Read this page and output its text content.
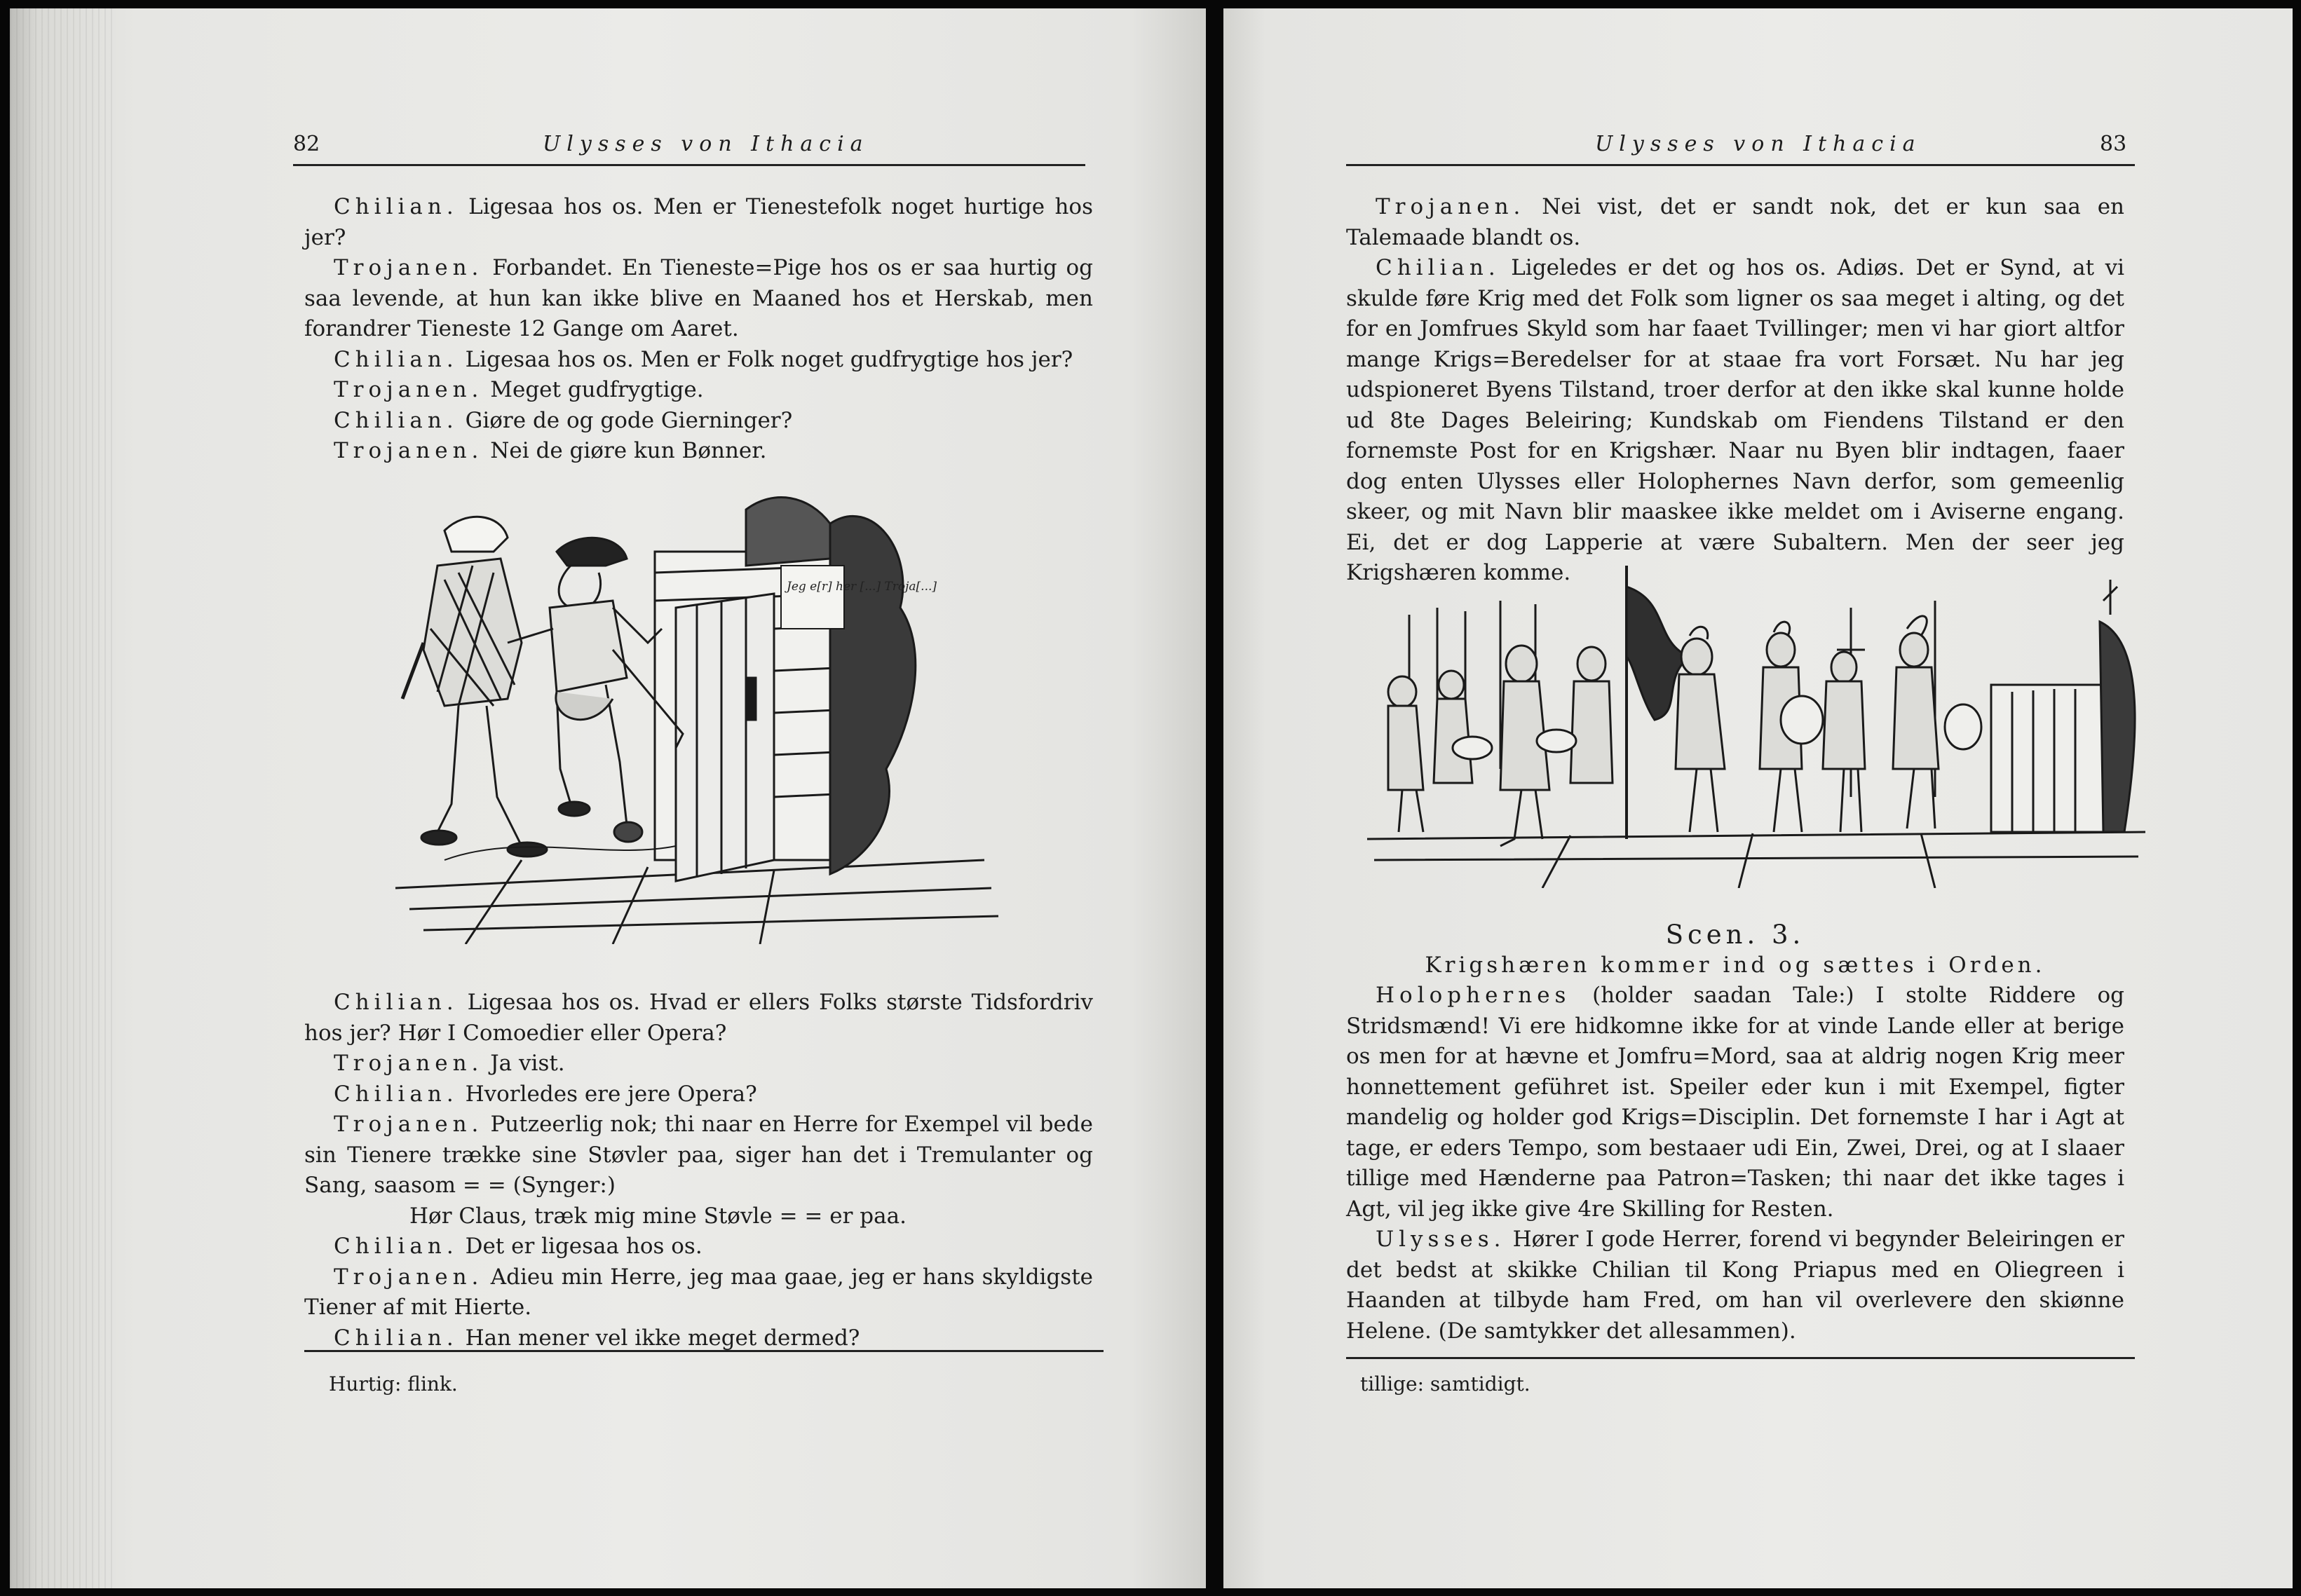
82	Ulysses von Ithacia

Chilian. Ligesaa hos os. Men er Tienestefolk noget hurtige hos jer?

Trojanen. Forbandet. En Tieneste=Pige hos os er saa hurtig og saa levende, at hun kan ikke blive en Maaned hos et Herskab, men forandrer Tieneste 12 Gange om Aaret.

Chilian. Ligesaa hos os. Men er Folk noget gudfrygtige hos jer?

Trojanen. Meget gudfrygtige.

Chilian. Giøre de og gode Gierninger?

Trojanen. Nei de giøre kun Bønner.

Jeg e[r] her [...] Troja[...]

Chilian. Ligesaa hos os. Hvad er ellers Folks største Tidsfordriv hos jer? Hør I Comoedier eller Opera?

Trojanen. Ja vist.

Chilian. Hvorledes ere jere Opera?

Trojanen. Putzeerlig nok; thi naar en Herre for Exempel vil bede sin Tienere trække sine Støvler paa, siger han det i Tremulanter og Sang, saasom = = (Synger:)

Hør Claus, træk mig mine Støvle = = er paa.

Chilian. Det er ligesaa hos os.

Trojanen. Adieu min Herre, jeg maa gaae, jeg er hans skyldigste Tiener af mit Hierte.

Chilian. Han mener vel ikke meget dermed?

Hurtig: flink.
Ulysses von Ithacia	83

Trojanen. Nei vist, det er sandt nok, det er kun saa en Talemaade blandt os.

Chilian. Ligeledes er det og hos os. Adiøs. Det er Synd, at vi skulde føre Krig med det Folk som ligner os saa meget i alting, og det for en Jomfrues Skyld som har faaet Tvillinger; men vi har giort altfor mange Krigs=Beredelser for at staae fra vort Forsæt. Nu har jeg udspioneret Byens Tilstand, troer derfor at den ikke skal kunne holde ud 8te Dages Beleiring; Kundskab om Fiendens Tilstand er den fornemste Post for en Krigshær. Naar nu Byen blir indtagen, faaer dog enten Ulysses eller Holophernes Navn derfor, som gemeenlig skeer, og mit Navn blir maaskee ikke meldet om i Aviserne engang. Ei, det er dog Lapperie at være Subaltern. Men der seer jeg Krigshæren komme.

Scen. 3.
Krigshæren kommer ind og sættes i Orden.

Holophernes (holder saadan Tale:) I stolte Riddere og Stridsmænd! Vi ere hidkomne ikke for at vinde Lande eller at berige os men for at hævne et Jomfru=Mord, saa at aldrig nogen Krig meer honnettement geführet ist. Speiler eder kun i mit Exempel, figter mandelig og holder god Krigs=Disciplin. Det fornemste I har i Agt at tage, er eders Tempo, som bestaaer udi Ein, Zwei, Drei, og at I slaaer tillige med Hænderne paa Patron=Tasken; thi naar det ikke tages i Agt, vil jeg ikke give 4re Skilling for Resten.

Ulysses. Hører I gode Herrer, forend vi begynder Beleiringen er det bedst at skikke Chilian til Kong Priapus med en Oliegreen i Haanden at tilbyde ham Fred, om han vil overlevere den skiønne Helene. (De samtykker det allesammen).

tillige: samtidigt.
